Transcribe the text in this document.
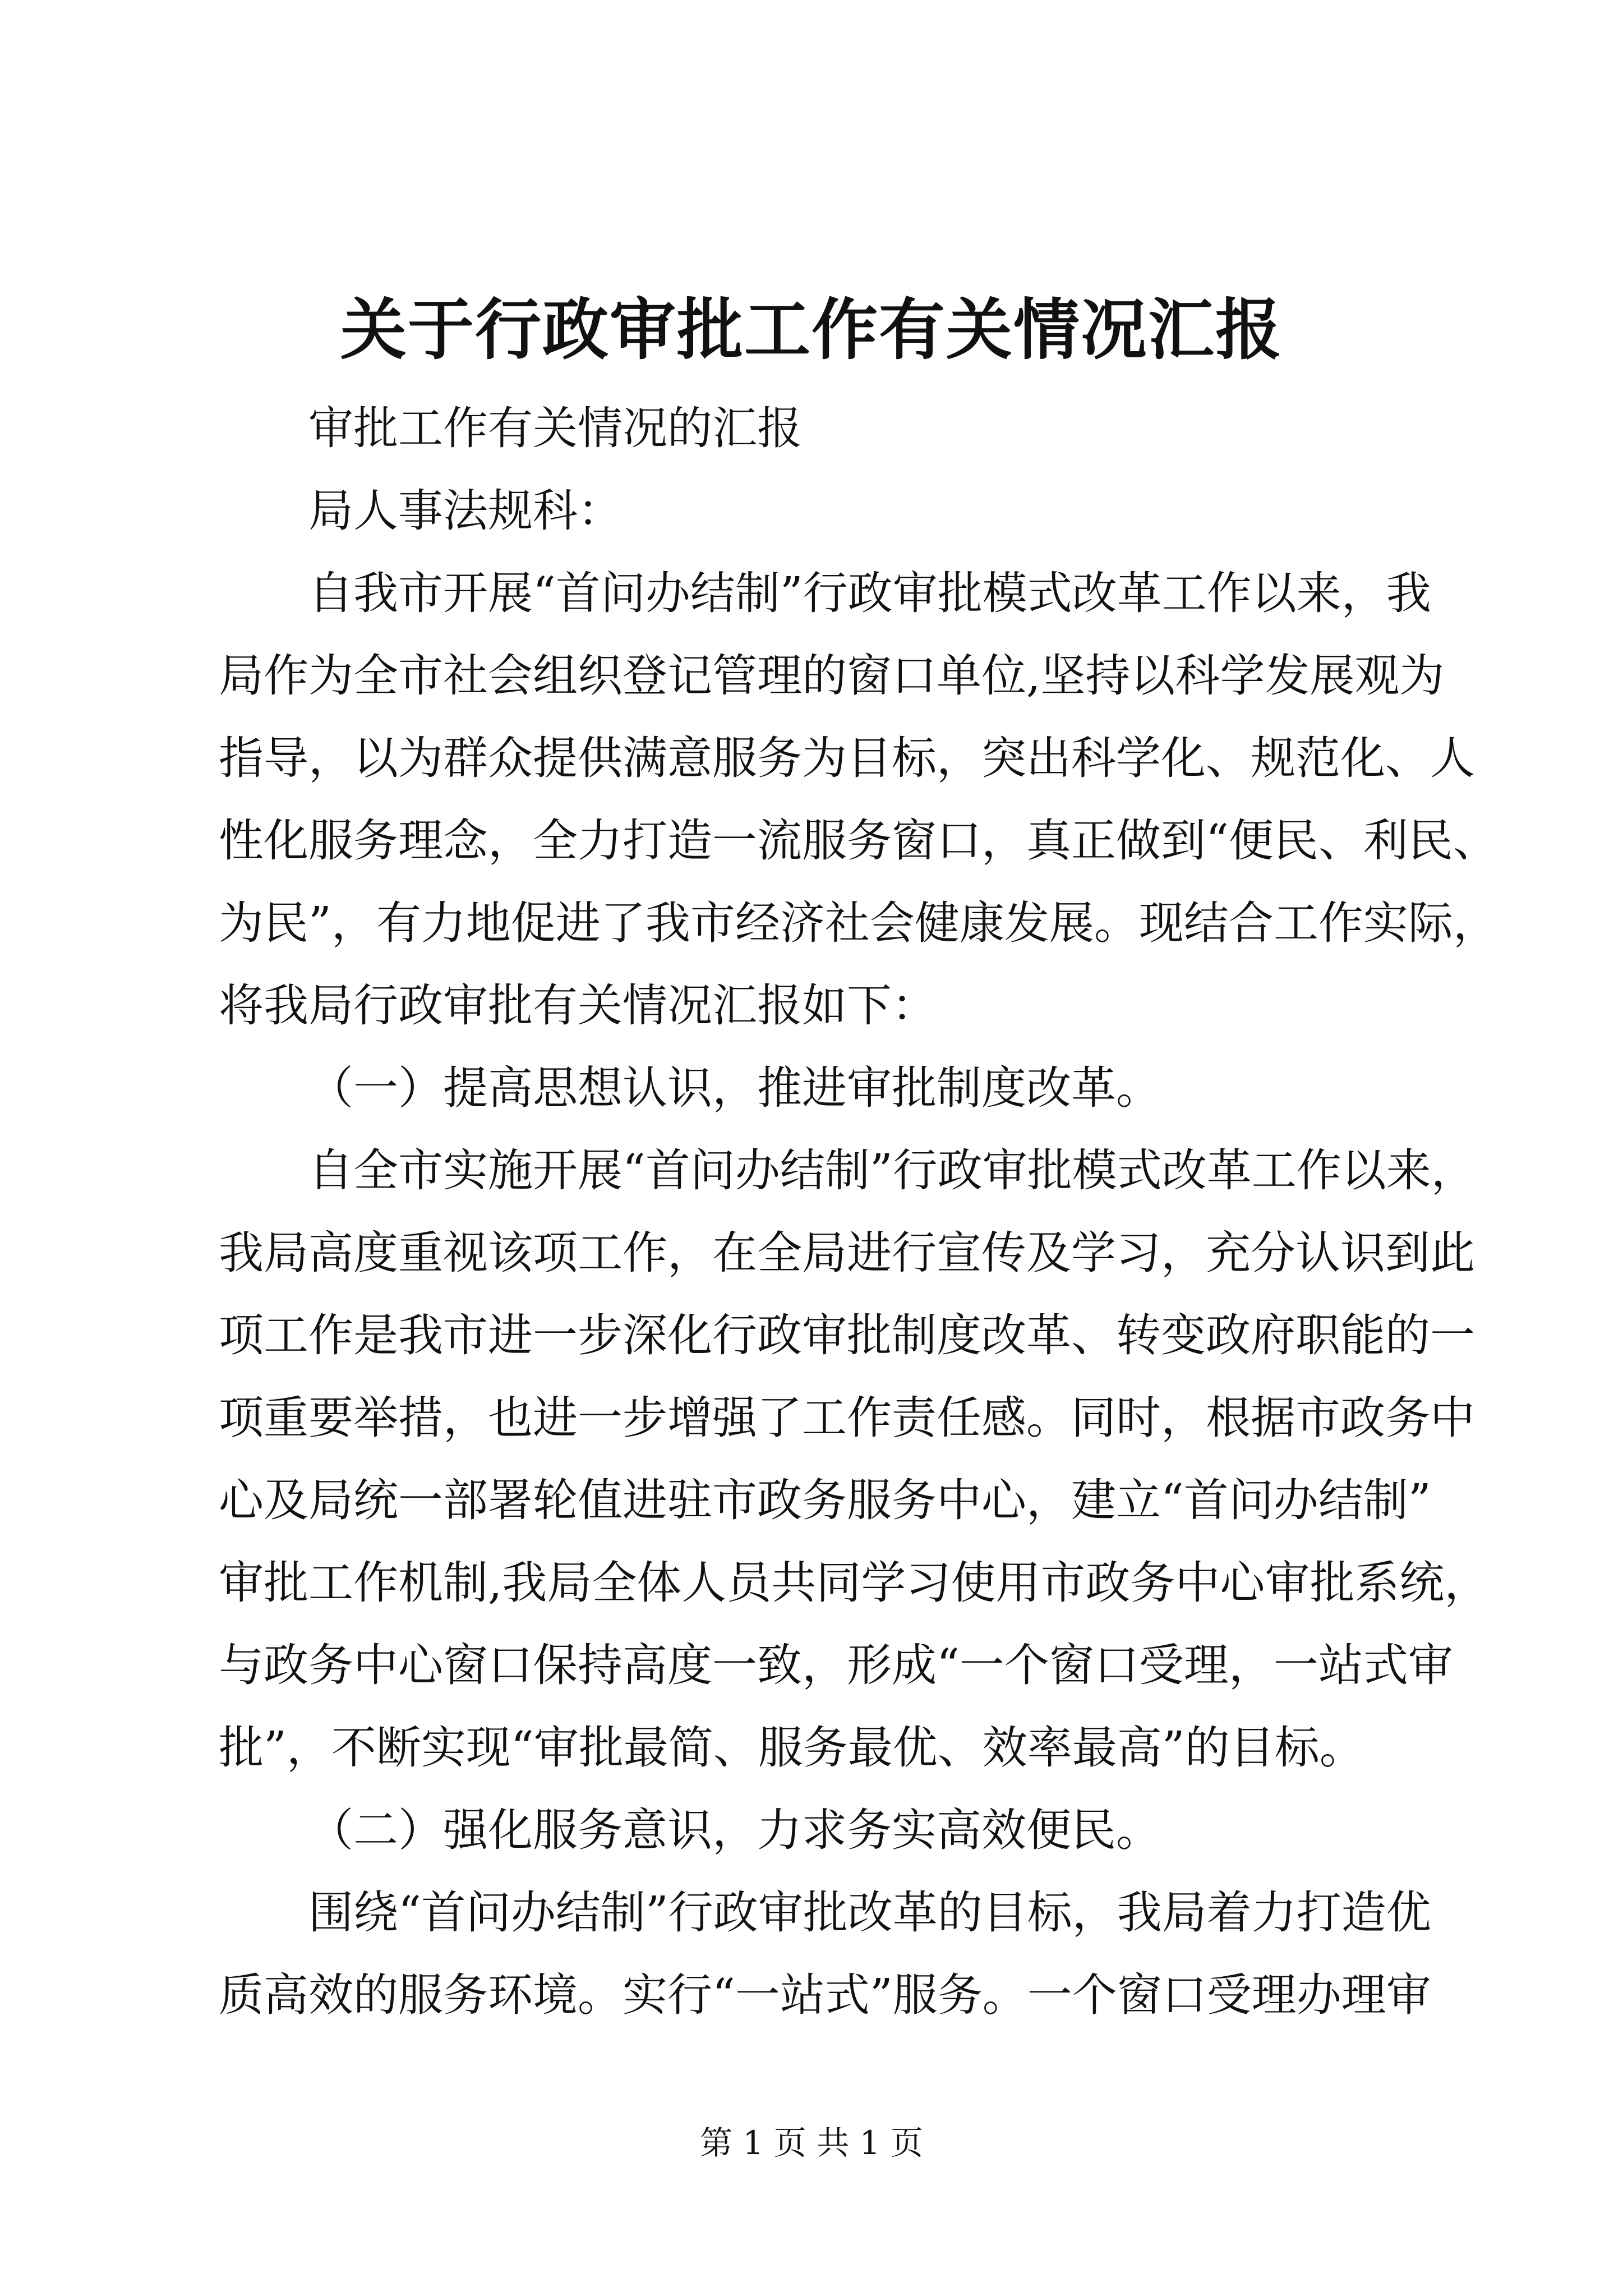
关于行政审批工作有关情况汇报

审批工作有关情况的汇报

局人事法规科：

自我市开展“首问办结制”行政审批模式改革工作以来，我

局作为全市社会组织登记管理的窗口单位,坚持以科学发展观为

指导，以为群众提供满意服务为目标，突出科学化、规范化、人

性化服务理念，全力打造一流服务窗口，真正做到“便民、利民、

为民”，有力地促进了我市经济社会健康发展。现结合工作实际，

将我局行政审批有关情况汇报如下：

（一）提高思想认识，推进审批制度改革。

自全市实施开展“首问办结制”行政审批模式改革工作以来，

我局高度重视该项工作，在全局进行宣传及学习，充分认识到此

项工作是我市进一步深化行政审批制度改革、转变政府职能的一

项重要举措，也进一步增强了工作责任感。同时，根据市政务中

心及局统一部署轮值进驻市政务服务中心，建立“首问办结制”

审批工作机制,我局全体人员共同学习使用市政务中心审批系统，

与政务中心窗口保持高度一致，形成“一个窗口受理，一站式审

批”，不断实现“审批最简、服务最优、效率最高”的目标。

（二）强化服务意识，力求务实高效便民。

围绕“首问办结制”行政审批改革的目标，我局着力打造优

质高效的服务环境。实行“一站式”服务。一个窗口受理办理审

第 1 页 共 1 页
